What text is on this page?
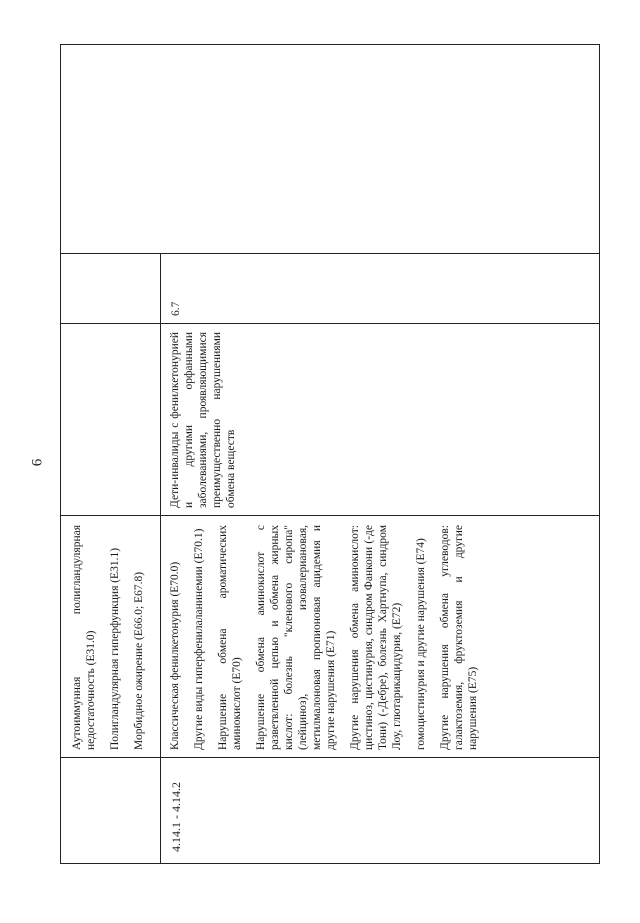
6

Аутоиммунная полигландулярная недостаточность (E31.0) Полигландулярная гиперфункция (E31.1) Морбидное ожирение (E66.0; E67.8)

4.14.1 - 4.14.2

Классическая фенилкетонурия (E70.0) Другие виды гиперфенилаланинемии (E70.1) Нарушение обмена ароматических аминокислот (E70) Нарушение обмена аминокислот с разветвленной цепью и обмена жирных кислот: болезнь "кленового сиропа" (лейциноз), изовалериановая, метилмалоновая пропионовая ацидемия и другие нарушения (E71) Другие нарушения обмена аминокислот: цистиноз, цистинурия, синдром Фанкони (-де Тони) (-Дебре), болезнь Хартнупа, синдром Лоу, глютарикацидурия, (E72) гомоцистинурия и другие нарушения (E74) Другие нарушения обмена углеводов: галактоземия, фруктоземия и другие нарушения (E75)

Дети-инвалиды с фенилкетонурией и другими орфанными заболеваниями, проявляющимися преимущественно нарушениями обмена веществ

6.7
